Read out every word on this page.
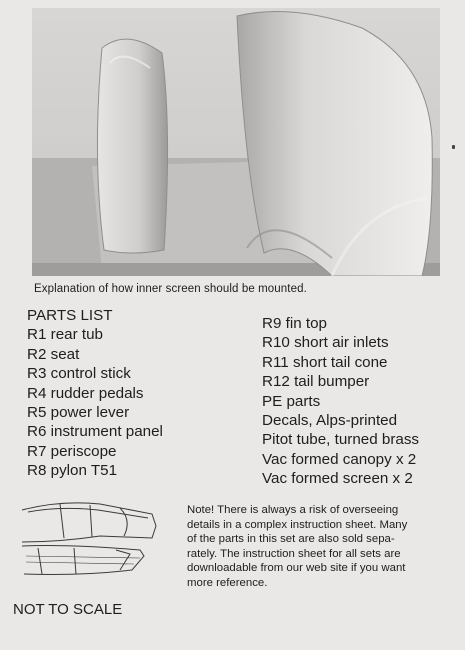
Explanation of how inner screen should be mounted.
PARTS LIST
R1 rear tub
R2 seat
R3 control stick
R4 rudder pedals
R5 power lever
R6 instrument panel
R7 periscope
R8 pylon T51
R9 fin top
R10 short air inlets
R11 short tail cone
R12 tail bumper
PE parts
Decals, Alps-printed
Pitot tube, turned brass
Vac formed canopy x 2
Vac formed screen x 2
Note! There is always a risk of overseeing
details in a complex instruction sheet. Many
of the parts in this set are also sold sepa-
rately. The instruction sheet for all sets are
downloadable from our web site if you want
more reference.
NOT TO SCALE
